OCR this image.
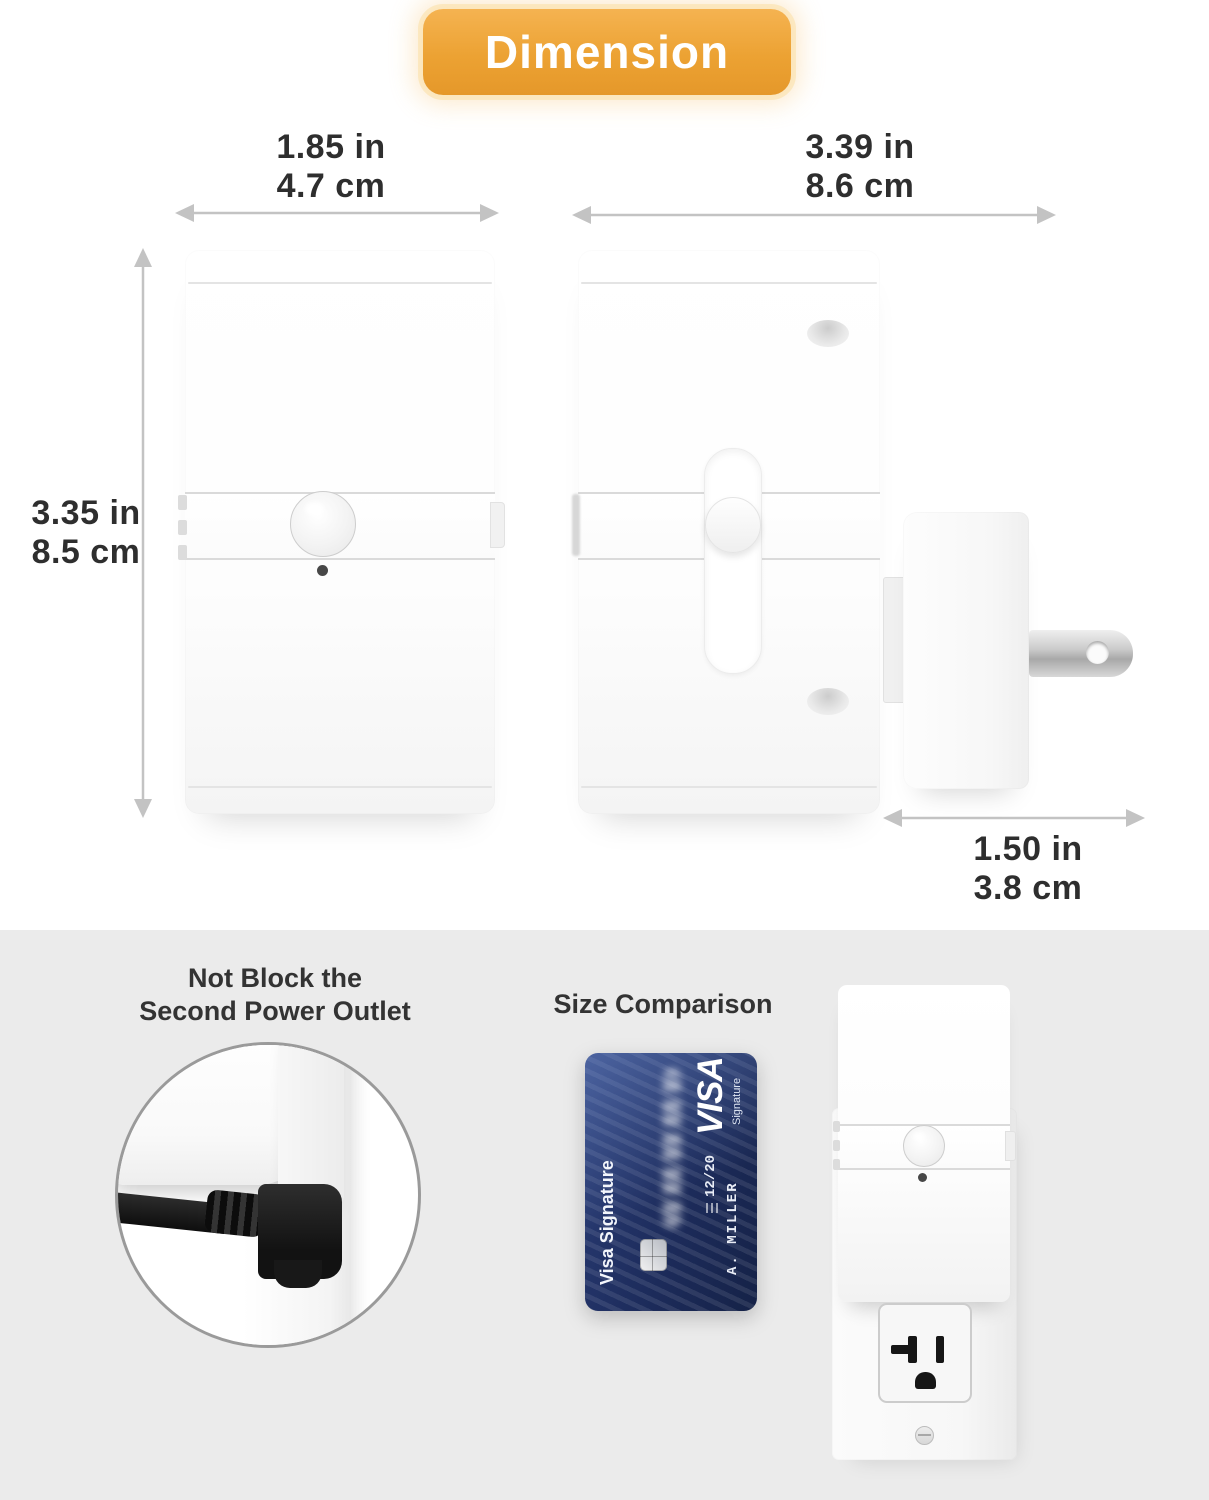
Dimension
1.85 in
4.7 cm
3.39 in
8.6 cm
3.35 in
8.5 cm
1.50 in
3.8 cm
Not Block the
Second Power Outlet	Size Comparison
Visa Signature	12/20
A. MILLER
VISA Signature
